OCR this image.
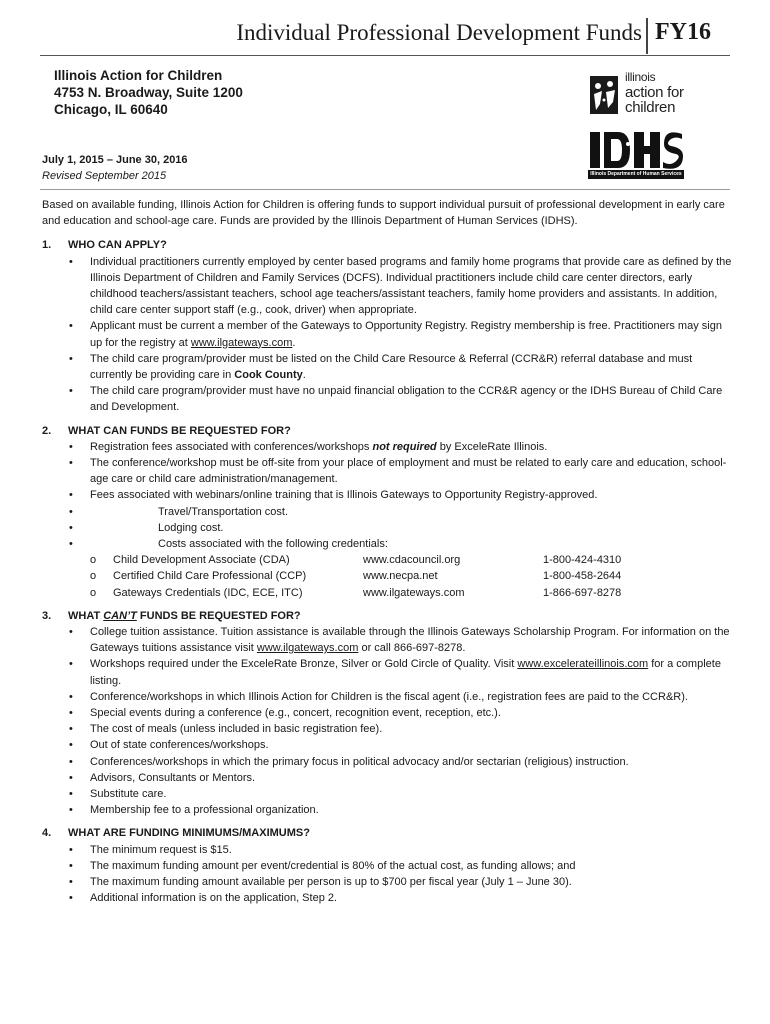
Individual Professional Development Funds FY16
Illinois Action for Children
4753 N. Broadway, Suite 1200
Chicago, IL 60640
illinois
action for
children
Illinois Department of Human Services
July 1, 2015 – June 30, 2016
Revised September 2015

Based on available funding, Illinois Action for Children is offering funds to support individual pursuit of professional development in early care and education and school-age care. Funds are provided by the Illinois Department of Human Services (IDHS).

1. WHO CAN APPLY?
• Individual practitioners currently employed by center based programs and family home programs that provide care as defined by the Illinois Department of Children and Family Services (DCFS). Individual practitioners include child care center directors, early childhood teachers/assistant teachers, school age teachers/assistant teachers, family home providers and assistants. In addition, child care center support staff (e.g., cook, driver) when appropriate.
• Applicant must be current a member of the Gateways to Opportunity Registry. Registry membership is free. Practitioners may sign up for the registry at www.ilgateways.com.
• The child care program/provider must be listed on the Child Care Resource & Referral (CCR&R) referral database and must currently be providing care in Cook County.
• The child care program/provider must have no unpaid financial obligation to the CCR&R agency or the IDHS Bureau of Child Care and Development.
2. WHAT CAN FUNDS BE REQUESTED FOR?
• Registration fees associated with conferences/workshops not required by ExceleRate Illinois.
• The conference/workshop must be off-site from your place of employment and must be related to early care and education, school-age care or child care administration/management.
• Fees associated with webinars/online training that is Illinois Gateways to Opportunity Registry-approved.
• Travel/Transportation cost.
• Lodging cost.
• Costs associated with the following credentials:
o Child Development Associate (CDA)	www.cdacouncil.org	1-800-424-4310
o Certified Child Care Professional (CCP)	www.necpa.net	1-800-458-2644
o Gateways Credentials (IDC, ECE, ITC)	www.ilgateways.com	1-866-697-8278
3. WHAT CAN’T FUNDS BE REQUESTED FOR?
• College tuition assistance. Tuition assistance is available through the Illinois Gateways Scholarship Program. For information on the Gateways tuitions assistance visit www.ilgateways.com or call 866-697-8278.
• Workshops required under the ExceleRate Bronze, Silver or Gold Circle of Quality. Visit www.excelerateillinois.com for a complete listing.
• Conference/workshops in which Illinois Action for Children is the fiscal agent (i.e., registration fees are paid to the CCR&R).
• Special events during a conference (e.g., concert, recognition event, reception, etc.).
• The cost of meals (unless included in basic registration fee).
• Out of state conferences/workshops.
• Conferences/workshops in which the primary focus in political advocacy and/or sectarian (religious) instruction.
• Advisors, Consultants or Mentors.
• Substitute care.
• Membership fee to a professional organization.
4. WHAT ARE FUNDING MINIMUMS/MAXIMUMS?
• The minimum request is $15.
• The maximum funding amount per event/credential is 80% of the actual cost, as funding allows; and
• The maximum funding amount available per person is up to $700 per fiscal year (July 1 – June 30).
• Additional information is on the application, Step 2.
